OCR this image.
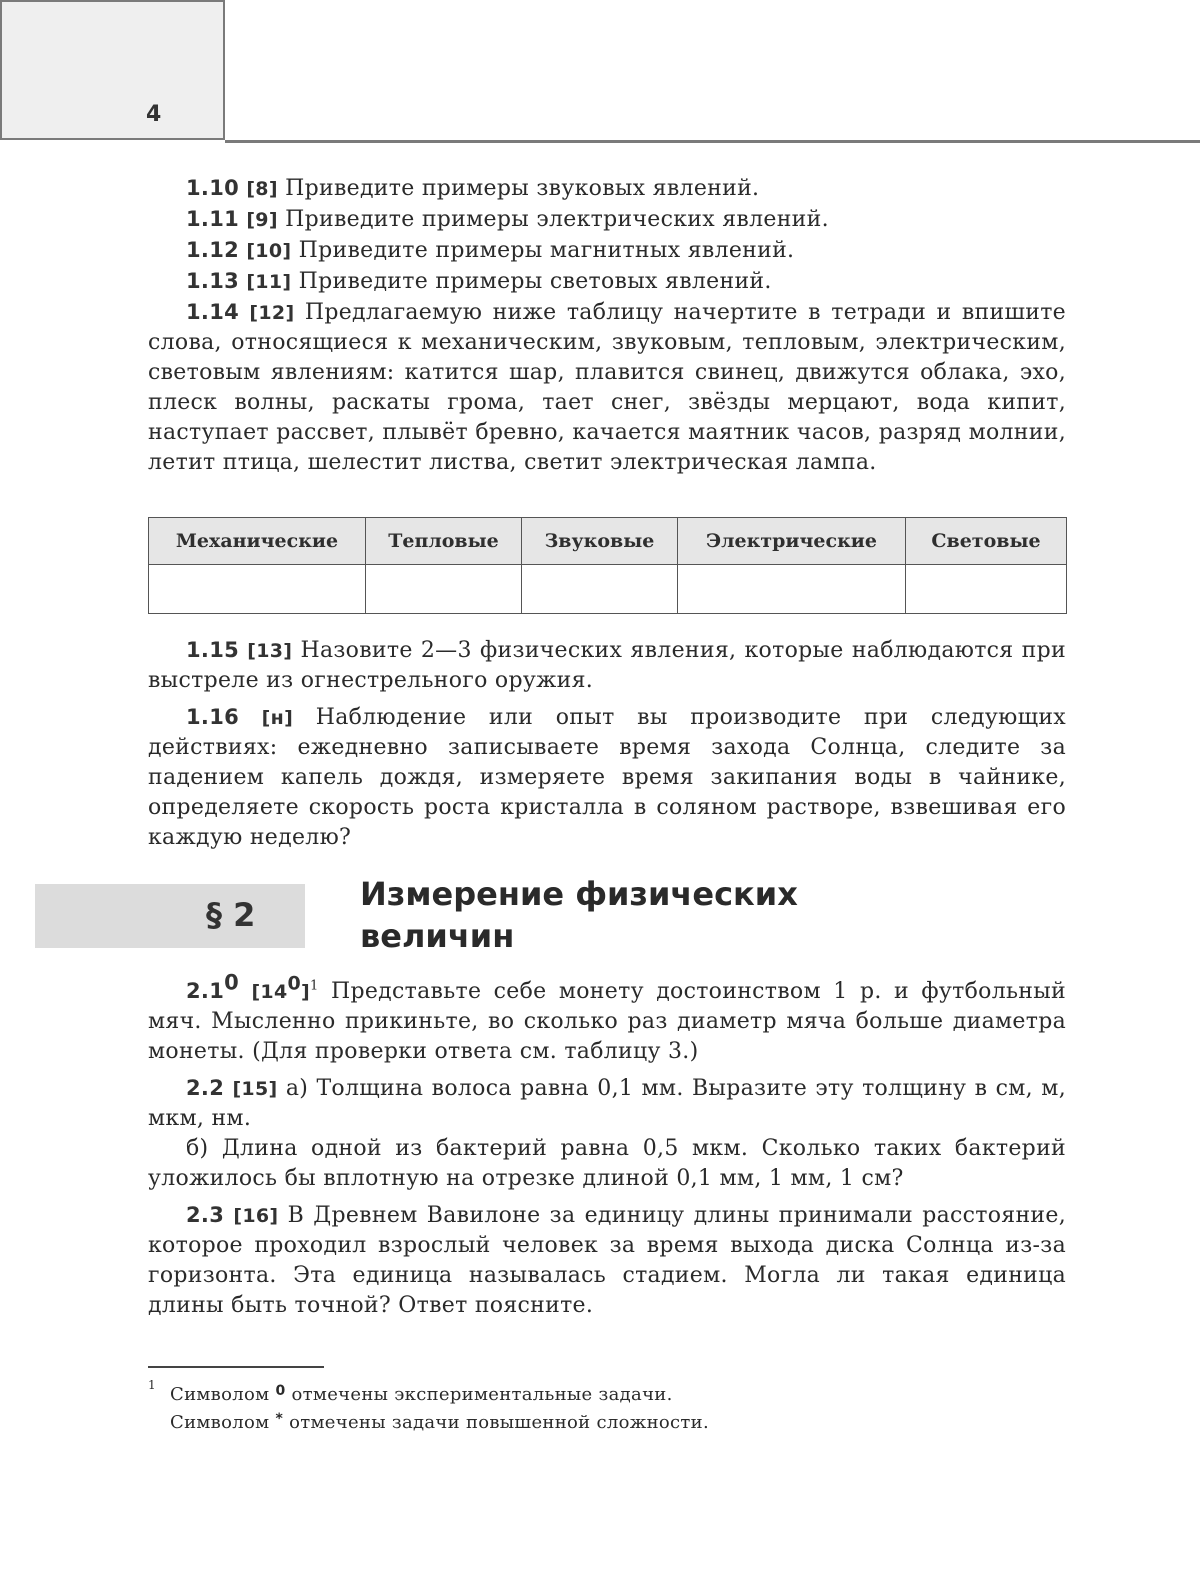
4

1.10 [8] Приведите примеры звуковых явлений.

1.11 [9] Приведите примеры электрических явлений.

1.12 [10] Приведите примеры магнитных явлений.

1.13 [11] Приведите примеры световых явлений.

1.14 [12] Предлагаемую ниже таблицу начертите в тетради и впишите слова, относящиеся к механическим, звуковым, тепловым, электрическим, световым явлениям: катится шар, плавится свинец, движутся облака, эхо, плеск волны, раскаты грома, тает снег, звёзды мерцают, вода кипит, наступает рассвет, плывёт бревно, качается маятник часов, разряд молнии, летит птица, шелестит листва, светит электрическая лампа.

Механические	Тепловые	Звуковые	Электрические	Световые

1.15 [13] Назовите 2—3 физических явления, которые наблюдаются при выстреле из огнестрельного оружия.

1.16 [н] Наблюдение или опыт вы производите при следующих действиях: ежедневно записываете время захода Солнца, следите за падением капель дождя, измеряете время закипания воды в чайнике, определяете скорость роста кристалла в соляном растворе, взвешивая его каждую неделю?

§ 2
Измерение физических величин

$2.1^0$ $[14^0]^1$ Представьте себе монету достоинством 1 р. и футбольный мяч. Мысленно прикиньте, во сколько раз диаметр мяча больше диаметра монеты. (Для проверки ответа см. таблицу 3.)

2.2 [15] а) Толщина волоса равна 0,1 мм. Выразите эту толщину в см, м, мкм, нм.

б) Длина одной из бактерий равна 0,5 мкм. Сколько таких бактерий уложилось бы вплотную на отрезке длиной 0,1 мм, 1 мм, 1 см?

2.3 [16] В Древнем Вавилоне за единицу длины принимали расстояние, которое проходил взрослый человек за время выхода диска Солнца из-за горизонта. Эта единица называлась стадием. Могла ли такая единица длины быть точной? Ответ поясните.

1 Символом $^0$ отмечены экспериментальные задачи.
Символом * отмечены задачи повышенной сложности.
